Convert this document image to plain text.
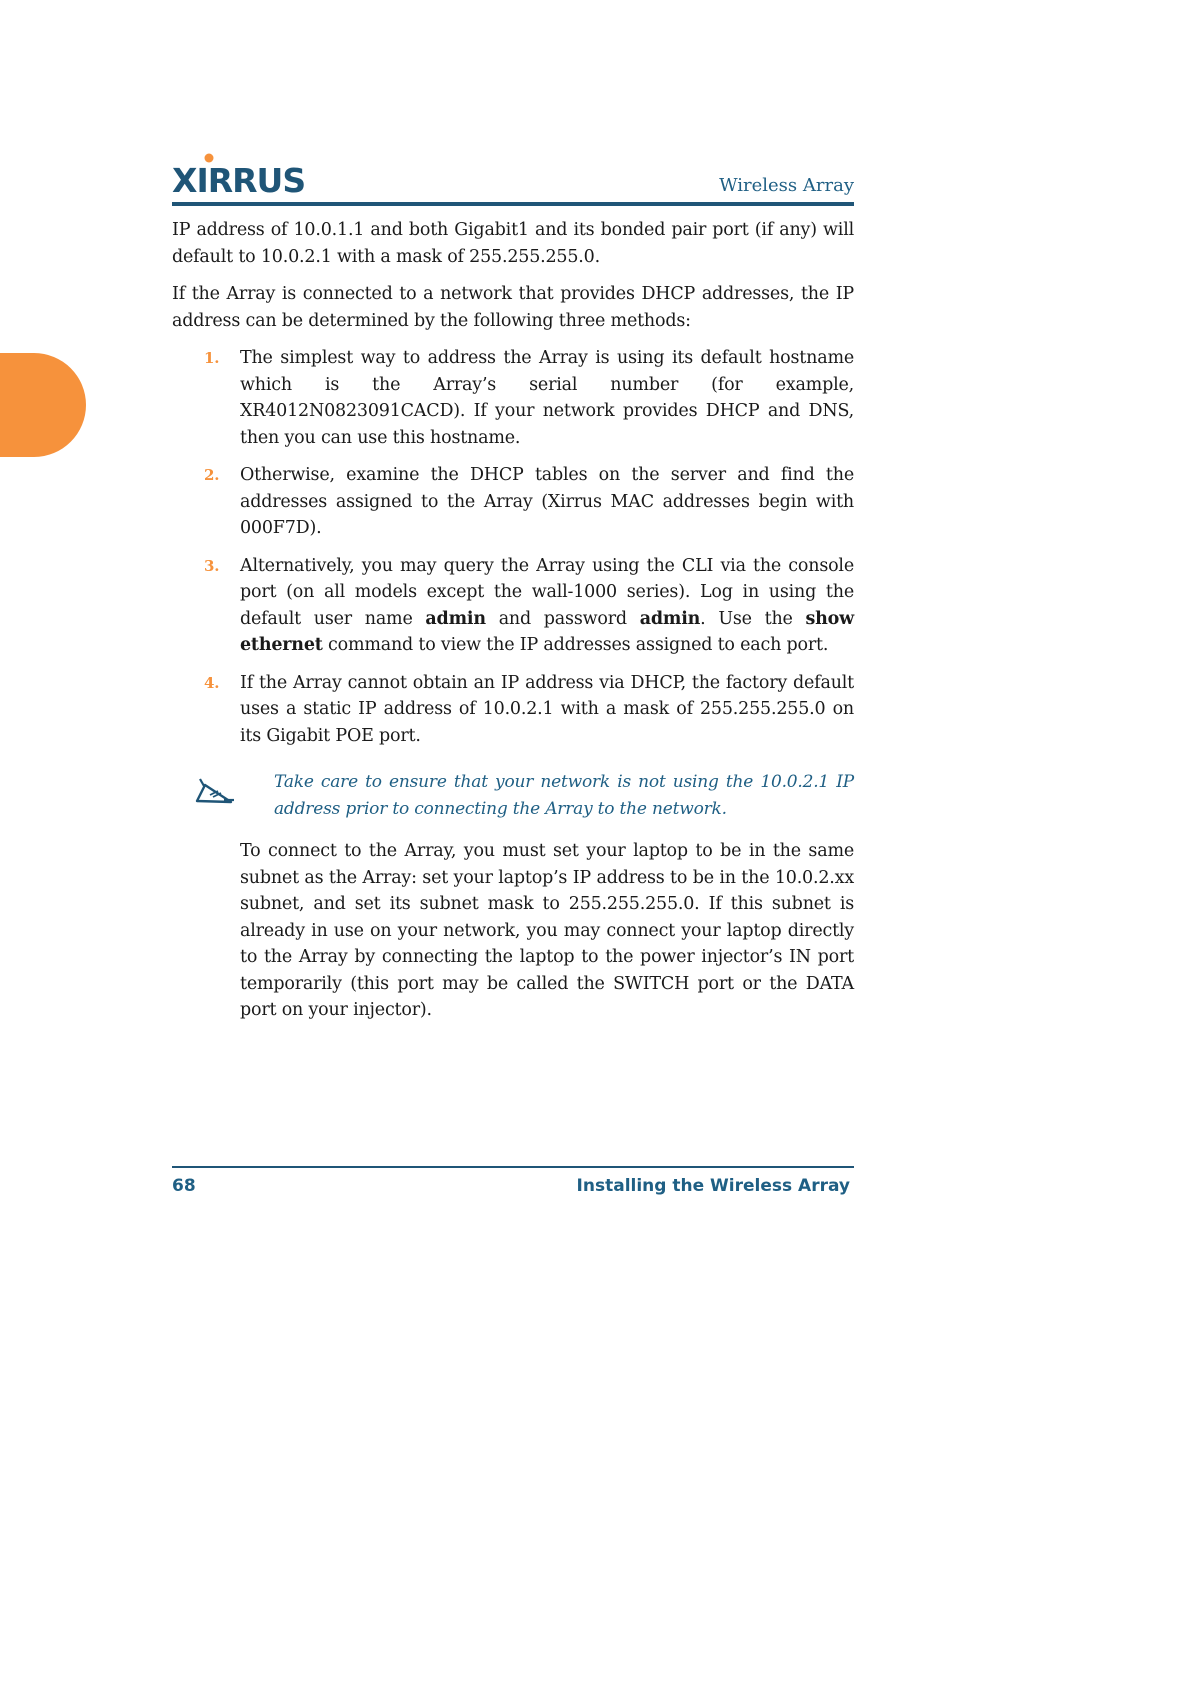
XIRRUS	Wireless Array

IP address of 10.0.1.1 and both Gigabit1 and its bonded pair port (if any) will default to 10.0.2.1 with a mask of 255.255.255.0.

If the Array is connected to a network that provides DHCP addresses, the IP address can be determined by the following three methods:

1. The simplest way to address the Array is using its default hostname which is the Array’s serial number (for example, XR4012N0823091CACD). If your network provides DHCP and DNS, then you can use this hostname.
2. Otherwise, examine the DHCP tables on the server and find the addresses assigned to the Array (Xirrus MAC addresses begin with 000F7D).
3. Alternatively, you may query the Array using the CLI via the console port (on all models except the wall-1000 series). Log in using the default user name admin and password admin. Use the show ethernet command to view the IP addresses assigned to each port.
4. If the Array cannot obtain an IP address via DHCP, the factory default uses a static IP address of 10.0.2.1 with a mask of 255.255.255.0 on its Gigabit POE port.
Take care to ensure that your network is not using the 10.0.2.1 IP address prior to connecting the Array to the network.

To connect to the Array, you must set your laptop to be in the same subnet as the Array: set your laptop’s IP address to be in the 10.0.2.xx subnet, and set its subnet mask to 255.255.255.0. If this subnet is already in use on your network, you may connect your laptop directly to the Array by connecting the laptop to the power injector’s IN port temporarily (this port may be called the SWITCH port or the DATA port on your injector).

68	Installing the Wireless Array
